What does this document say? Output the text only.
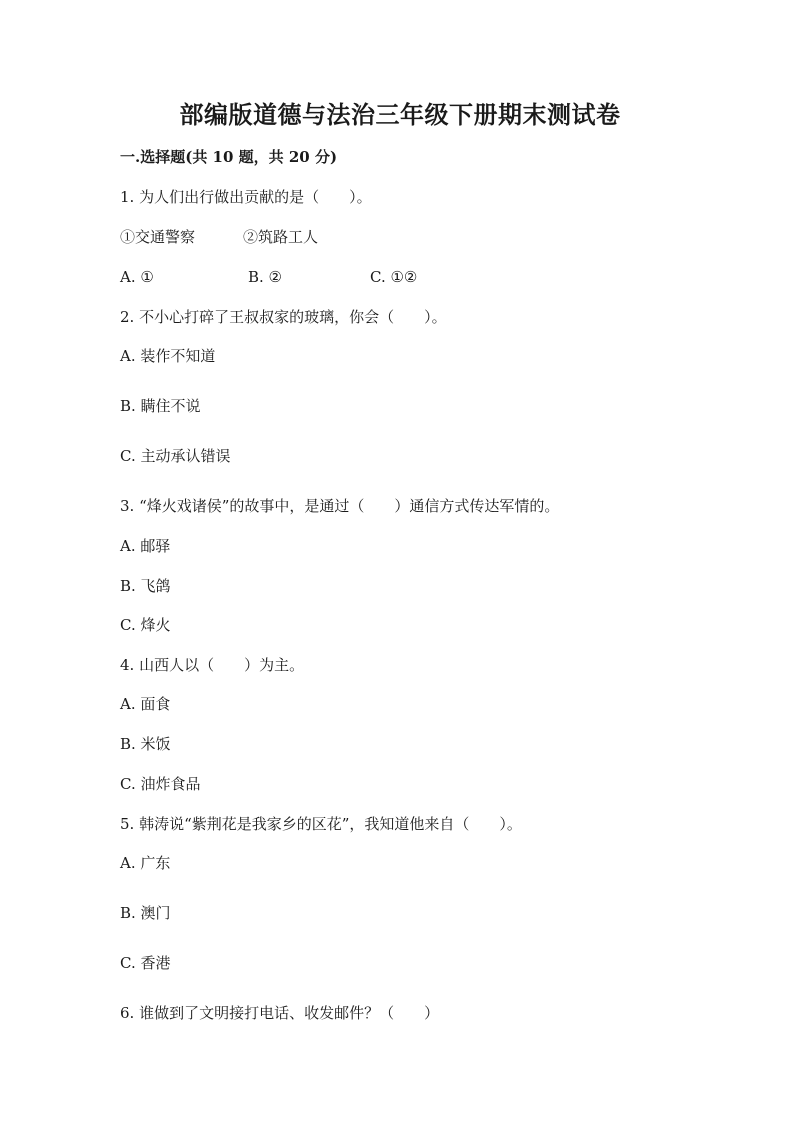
部编版道德与法治三年级下册期末测试卷
一.选择题(共 10 题，共 20 分)
1. 为人们出行做出贡献的是（　　）。
①交通警察	②筑路工人
A. ①	B. ②	C. ①②
2. 不小心打碎了王叔叔家的玻璃，你会（　　）。
A. 装作不知道
B. 瞒住不说
C. 主动承认错误
3. “烽火戏诸侯”的故事中，是通过（　　）通信方式传达军情的。
A. 邮驿
B. 飞鸽
C. 烽火
4. 山西人以（　　）为主。
A. 面食
B. 米饭
C. 油炸食品
5. 韩涛说“紫荆花是我家乡的区花”，我知道他来自（　　）。
A. 广东
B. 澳门
C. 香港
6. 谁做到了文明接打电话、收发邮件？（　　）
